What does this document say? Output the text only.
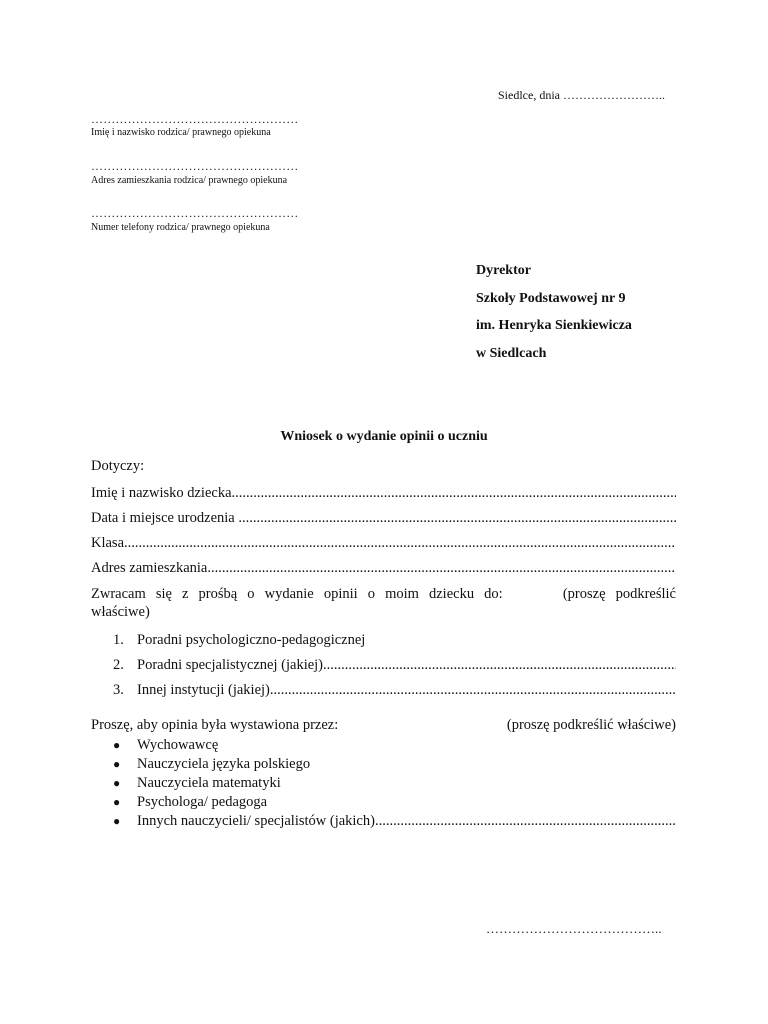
Siedlce, dnia ……………………..
……………………………………………
Imię i nazwisko rodzica/ prawnego opiekuna
……………………………………………
Adres zamieszkania rodzica/ prawnego opiekuna
……………………………………………
Numer telefony rodzica/ prawnego opiekuna
Dyrektor
Szkoły Podstawowej nr 9
im. Henryka Sienkiewicza
w Siedlcach
Wniosek o wydanie opinii o uczniu
Dotyczy:
Imię i nazwisko dziecka
.....
Data i miejsce urodzenia
.....
Klasa
.....
Adres zamieszkania
.....
Zwracam się z prośbą o wydanie opinii o moim dziecku do:	(proszę podkreślić
właściwe)
1. Poradni psychologiczno-pedagogicznej
2. Poradni specjalistycznej (jakiej)
.....
3. Innej instytucji (jakiej)
.....
Proszę, aby opinia była wystawiona przez:	(proszę podkreślić właściwe)
●	Wychowawcę
●	Nauczyciela języka polskiego
●	Nauczyciela matematyki
●	Psychologa/ pedagoga
●	Innych nauczycieli/ specjalistów (jakich)
.....
…………………………………..
